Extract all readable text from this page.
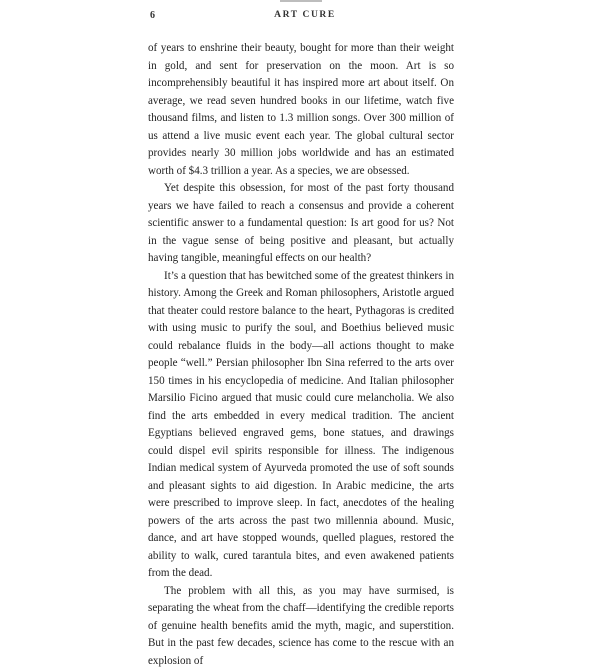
6	ART CURE

of years to enshrine their beauty, bought for more than their weight in gold, and sent for preservation on the moon. Art is so incomprehensibly beautiful it has inspired more art about itself. On average, we read seven hundred books in our lifetime, watch five thousand films, and listen to 1.3 million songs. Over 300 million of us attend a live music event each year. The global cultural sector provides nearly 30 million jobs worldwide and has an estimated worth of $4.3 trillion a year. As a species, we are obsessed.

Yet despite this obsession, for most of the past forty thousand years we have failed to reach a consensus and provide a coherent scientific answer to a fundamental question: Is art good for us? Not in the vague sense of being positive and pleasant, but actually having tangible, meaningful effects on our health?

It’s a question that has bewitched some of the greatest thinkers in history. Among the Greek and Roman philosophers, Aristotle argued that theater could restore balance to the heart, Pythagoras is credited with using music to purify the soul, and Boethius believed music could rebalance fluids in the body—all actions thought to make people “well.” Persian philosopher Ibn Sina referred to the arts over 150 times in his encyclopedia of medicine. And Italian philosopher Marsilio Ficino argued that music could cure melancholia. We also find the arts embedded in every medical tradition. The ancient Egyptians believed engraved gems, bone statues, and drawings could dispel evil spirits responsible for illness. The indigenous Indian medical system of Ayurveda promoted the use of soft sounds and pleasant sights to aid digestion. In Arabic medicine, the arts were prescribed to improve sleep. In fact, anecdotes of the healing powers of the arts across the past two millennia abound. Music, dance, and art have stopped wounds, quelled plagues, restored the ability to walk, cured tarantula bites, and even awakened patients from the dead.

The problem with all this, as you may have surmised, is separating the wheat from the chaff—identifying the credible reports of genuine health benefits amid the myth, magic, and superstition. But in the past few decades, science has come to the rescue with an explosion of
